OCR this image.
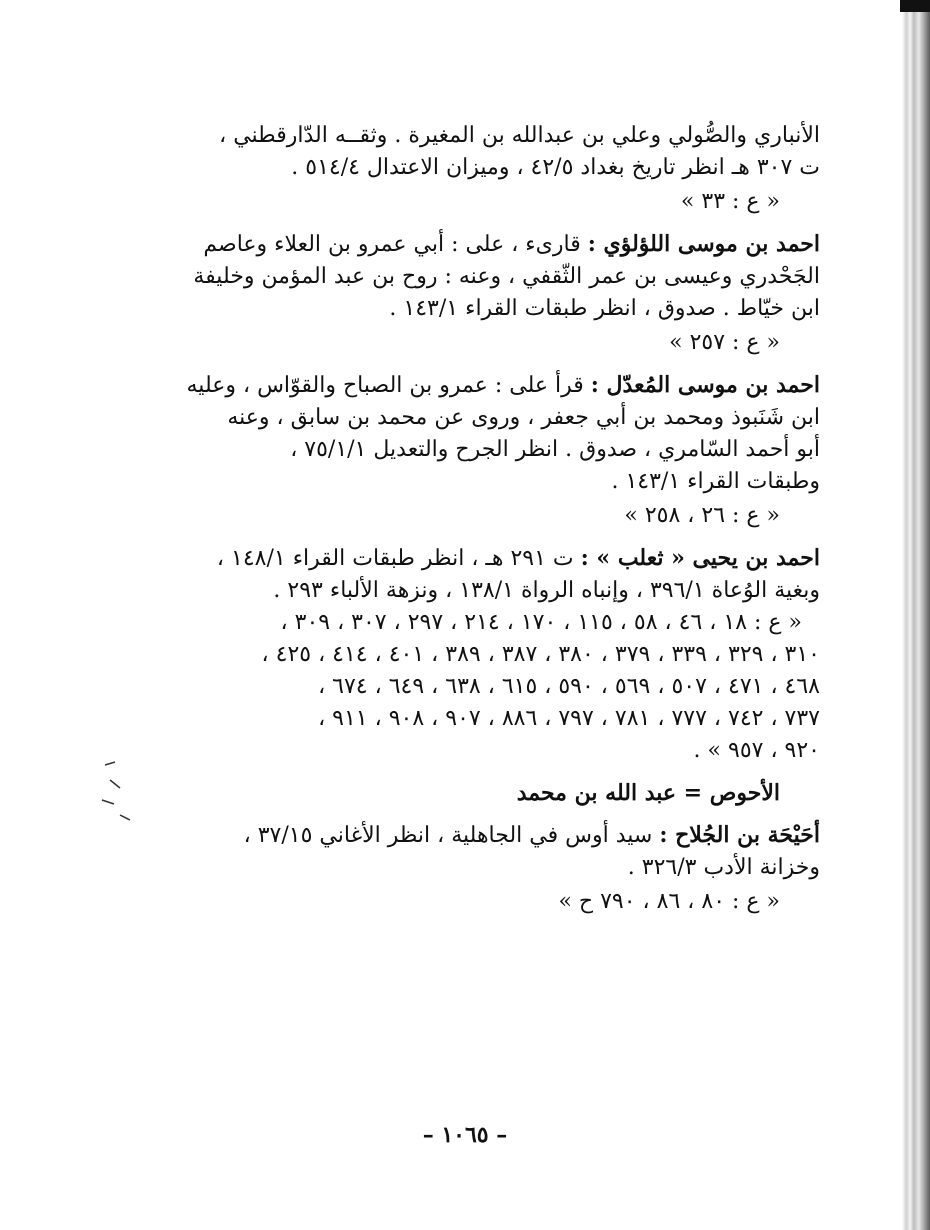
الأنباري والصُّولي وعلي بن عبدالله بن المغيرة . وثقــه الدّارقطني ،
ت ٣٠٧ هـ انظر تاريخ بغداد ٤٢/٥ ، وميزان الاعتدال ٥١٤/٤ .
« ع : ٣٣ »
احمد بن موسى اللؤلؤي : قارىء ، على : أبي عمرو بن العلاء وعاصم
الجَحْدري وعيسى بن عمر الثّقفي ، وعنه : روح بن عبد المؤمن وخليفة
ابن خيّاط . صدوق ، انظر طبقات القراء ١٤٣/١ .
« ع : ٢٥٧ »
احمد بن موسى المُعدّل : قرأ على : عمرو بن الصباح والقوّاس ، وعليه
ابن شَنَبوذ ومحمد بن أبي جعفر ، وروى عن محمد بن سابق ، وعنه
أبو أحمد السّامري ، صدوق . انظر الجرح والتعديل ٧٥/١/١ ،
وطبقات القراء ١٤٣/١ .
« ع : ٢٦ ، ٢٥٨ »
احمد بن يحيى « ثعلب » : ت ٢٩١ هـ ، انظر طبقات القراء ١٤٨/١ ،
وبغية الوُعاة ٣٩٦/١ ، وإنباه الرواة ١٣٨/١ ، ونزهة الألباء ٢٩٣ .
« ع : ١٨ ، ٤٦ ، ٥٨ ، ١١٥ ، ١٧٠ ، ٢١٤ ، ٢٩٧ ، ٣٠٧ ، ٣٠٩ ،
٣١٠ ، ٣٢٩ ، ٣٣٩ ، ٣٧٩ ، ٣٨٠ ، ٣٨٧ ، ٣٨٩ ، ٤٠١ ، ٤١٤ ، ٤٢٥ ،
٤٦٨ ، ٤٧١ ، ٥٠٧ ، ٥٦٩ ، ٥٩٠ ، ٦١٥ ، ٦٣٨ ، ٦٤٩ ، ٦٧٤ ،
٧٣٧ ، ٧٤٢ ، ٧٧٧ ، ٧٨١ ، ٧٩٧ ، ٨٨٦ ، ٩٠٧ ، ٩٠٨ ، ٩١١ ،
٩٢٠ ، ٩٥٧ » .
الأحوص = عبد الله بن محمد
أحَيْحَة بن الجُلاح : سيد أوس في الجاهلية ، انظر الأغاني ٣٧/١٥ ،
وخزانة الأدب ٣٢٦/٣ .
« ع : ٨٠ ، ٨٦ ، ٧٩٠ ح »
– ١٠٦٥ –
